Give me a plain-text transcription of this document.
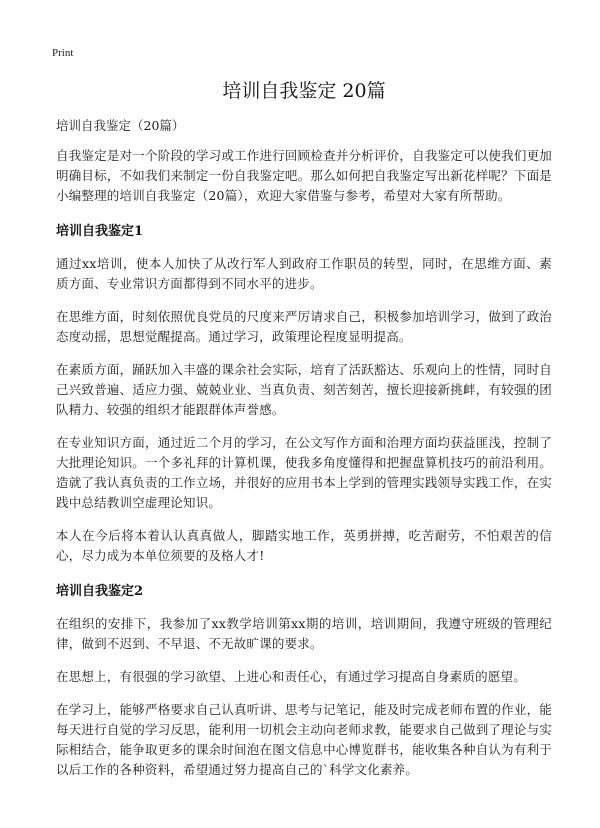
Print
培训自我鉴定 20篇
培训自我鉴定（20篇）

自我鉴定是对一个阶段的学习或工作进行回顾检查并分析评价，自我鉴定可以使我们更加明确目标，不如我们来制定一份自我鉴定吧。那么如何把自我鉴定写出新花样呢？下面是小编整理的培训自我鉴定（20篇），欢迎大家借鉴与参考，希望对大家有所帮助。

培训自我鉴定1

通过xx培训，使本人加快了从改行军人到政府工作职员的转型，同时，在思维方面、素质方面、专业常识方面都得到不同水平的进步。

在思维方面，时刻依照优良党员的尺度来严厉请求自己，积极参加培训学习，做到了政治态度动摇，思想觉醒提高。通过学习，政策理论程度显明提高。

在素质方面，踊跃加入丰盛的课余社会实际，培育了活跃豁达、乐观向上的性情，同时自己兴致普遍、适应力强、兢兢业业、当真负责、刻苦刻苦，擅长迎接新挑衅，有较强的团队精力、较强的组织才能跟群体声誉感。

在专业知识方面，通过近二个月的学习，在公文写作方面和治理方面均获益匪浅，控制了大批理论知识。一个多礼拜的计算机课，使我多角度懂得和把握盘算机技巧的前沿利用。造就了我认真负责的工作立场，并很好的应用书本上学到的管理实践领导实践工作，在实践中总结教训空虚理论知识。

本人在今后将本着认认真真做人，脚踏实地工作，英勇拼搏，吃苦耐劳，不怕艰苦的信心，尽力成为本单位须要的及格人才!

培训自我鉴定2

在组织的安排下，我参加了xx教学培训第xx期的培训，培训期间，我遵守班级的管理纪律，做到不迟到、不早退、不无故旷课的要求。

在思想上，有很强的学习欲望、上进心和责任心，有通过学习提高自身素质的愿望。

在学习上，能够严格要求自己认真听讲、思考与记笔记，能及时完成老师布置的作业，能每天进行自觉的学习反思，能利用一切机会主动向老师求教，能要求自己做到了理论与实际相结合，能争取更多的课余时间泡在图文信息中心博览群书，能收集各种自认为有利于以后工作的各种资料，希望通过努力提高自己的`科学文化素养。
